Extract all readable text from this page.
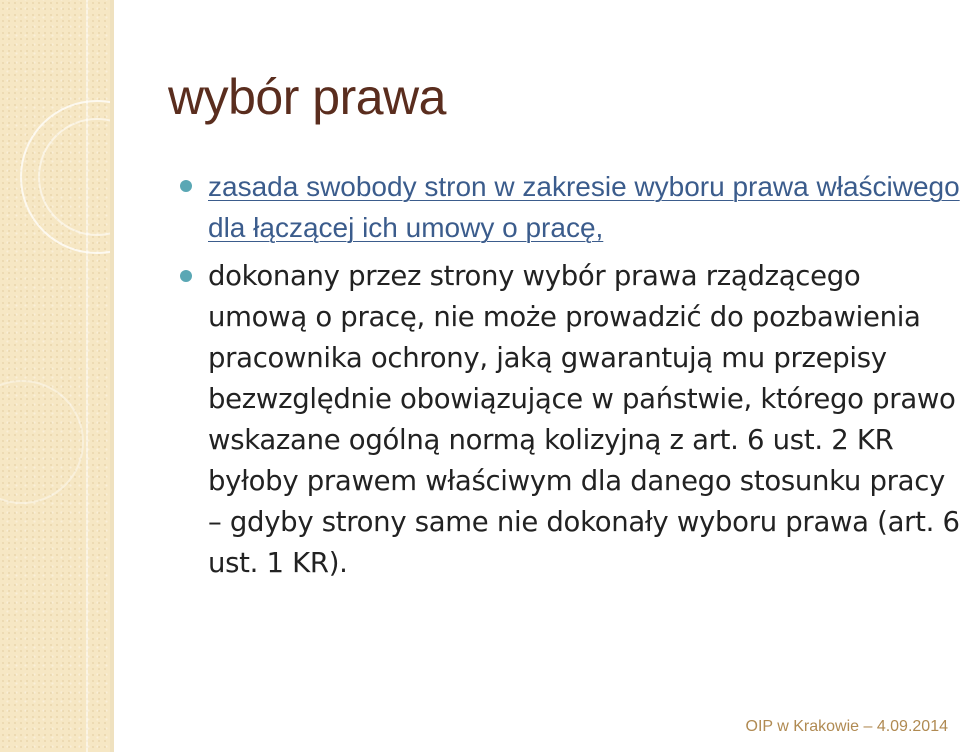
wybór prawa
zasada swobody stron w zakresie wyboru prawa właściwego dla łączącej ich umowy o pracę,
dokonany przez strony wybór prawa rządzącego umową o pracę, nie może prowadzić do pozbawienia pracownika ochrony, jaką gwarantują mu przepisy bezwzględnie obowiązujące w państwie, którego prawo wskazane ogólną normą kolizyjną z art. 6 ust. 2 KR byłoby prawem właściwym dla danego stosunku pracy – gdyby strony same nie dokonały wyboru prawa (art. 6 ust. 1 KR).
OIP w Krakowie – 4.09.2014
